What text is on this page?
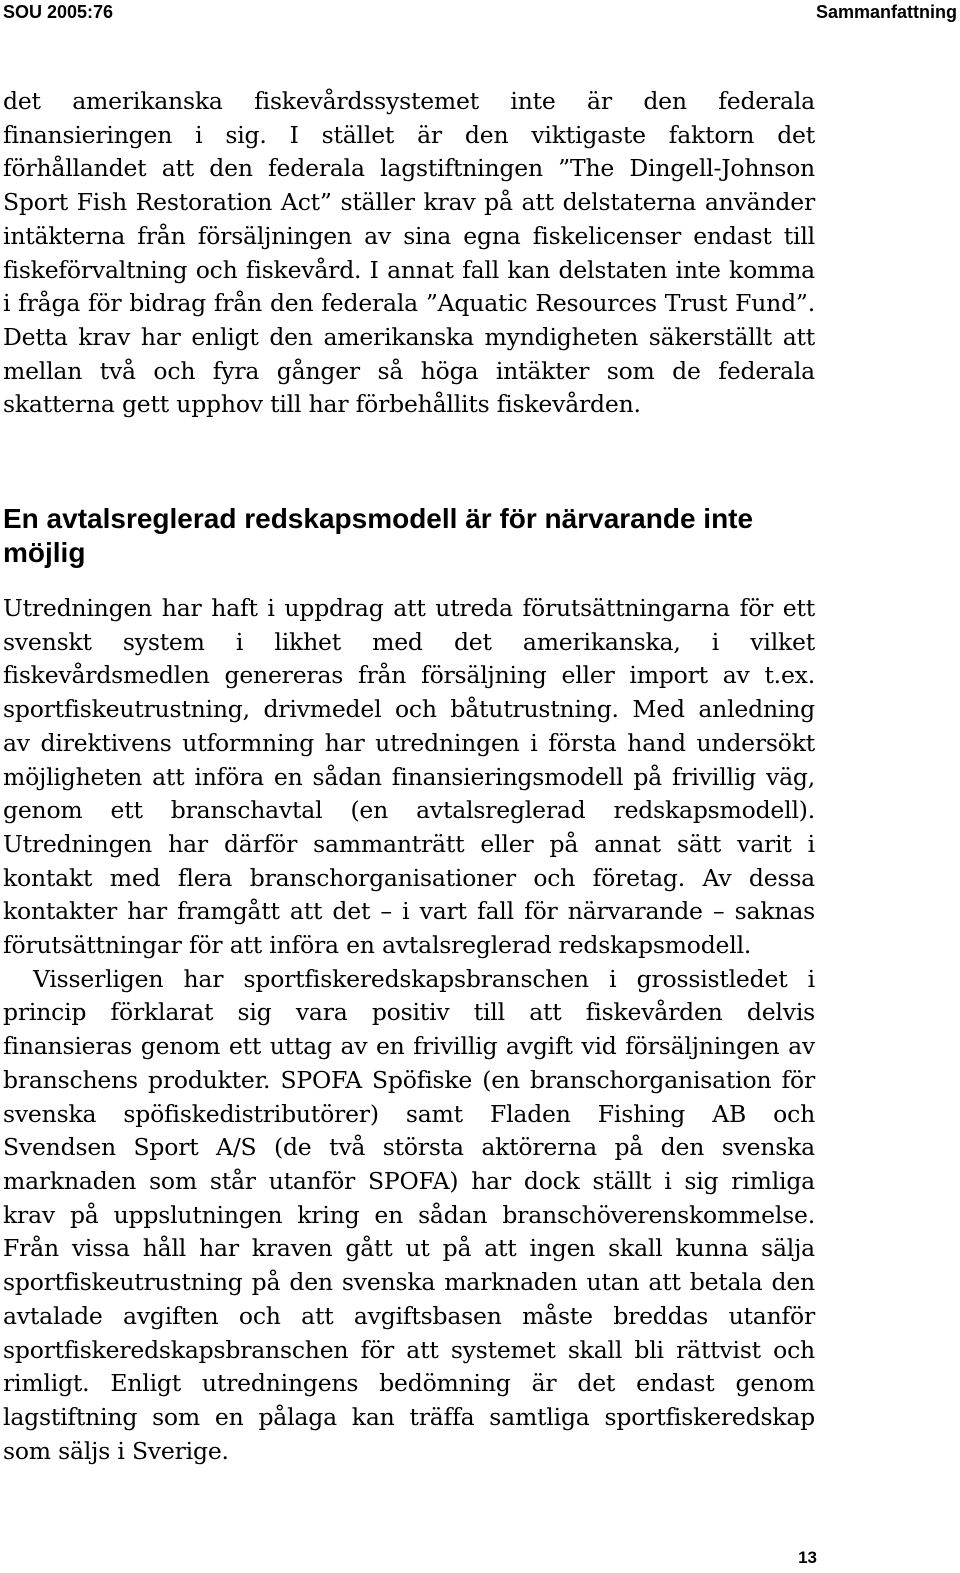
SOU 2005:76	Sammanfattning

det amerikanska fiskevårdssystemet inte är den federala finansieringen i sig. I stället är den viktigaste faktorn det förhållandet att den federala lagstiftningen ”The Dingell-Johnson Sport Fish Restoration Act” ställer krav på att delstaterna använder intäkterna från försäljningen av sina egna fiskelicenser endast till fiskeförvaltning och fiskevård. I annat fall kan delstaten inte komma i fråga för bidrag från den federala ”Aquatic Resources Trust Fund”. Detta krav har enligt den amerikanska myndigheten säkerställt att mellan två och fyra gånger så höga intäkter som de federala skatterna gett upphov till har förbehållits fiskevården.

En avtalsreglerad redskapsmodell är för närvarande inte möjlig

Utredningen har haft i uppdrag att utreda förutsättningarna för ett svenskt system i likhet med det amerikanska, i vilket fiskevårdsmedlen genereras från försäljning eller import av t.ex. sportfiskeutrustning, drivmedel och båtutrustning. Med anledning av direktivens utformning har utredningen i första hand undersökt möjligheten att införa en sådan finansieringsmodell på frivillig väg, genom ett branschavtal (en avtalsreglerad redskapsmodell). Utredningen har därför sammanträtt eller på annat sätt varit i kontakt med flera branschorganisationer och företag. Av dessa kontakter har framgått att det – i vart fall för närvarande – saknas förutsättningar för att införa en avtalsreglerad redskapsmodell.

Visserligen har sportfiskeredskapsbranschen i grossistledet i princip förklarat sig vara positiv till att fiskevården delvis finansieras genom ett uttag av en frivillig avgift vid försäljningen av branschens produkter. SPOFA Spöfiske (en branschorganisation för svenska spöfiskedistributörer) samt Fladen Fishing AB och Svendsen Sport A/S (de två största aktörerna på den svenska marknaden som står utanför SPOFA) har dock ställt i sig rimliga krav på uppslutningen kring en sådan branschöverenskommelse. Från vissa håll har kraven gått ut på att ingen skall kunna sälja sportfiskeutrustning på den svenska marknaden utan att betala den avtalade avgiften och att avgiftsbasen måste breddas utanför sportfiskeredskapsbranschen för att systemet skall bli rättvist och rimligt. Enligt utredningens bedömning är det endast genom lagstiftning som en pålaga kan träffa samtliga sportfiskeredskap som säljs i Sverige.

13
